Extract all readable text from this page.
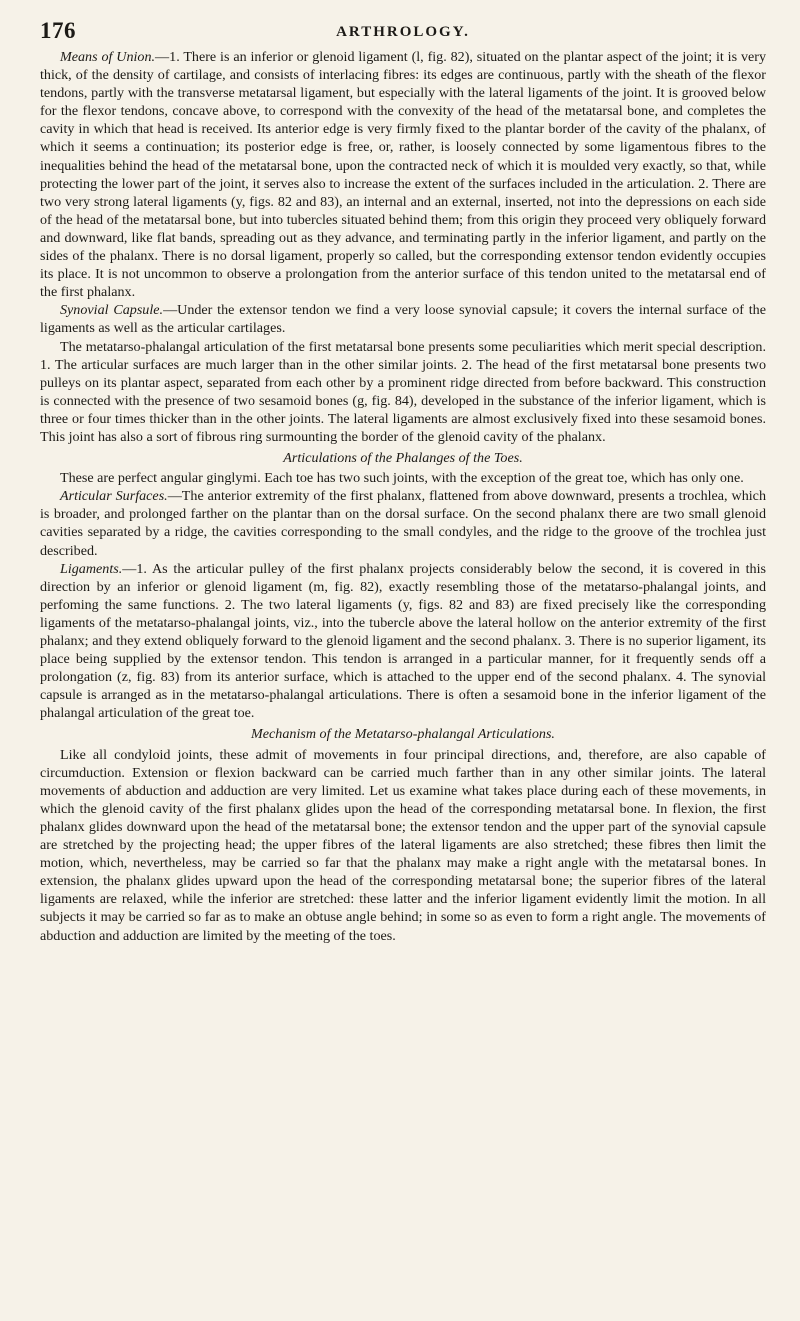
176	ARTHROLOGY.

Means of Union.—1. There is an inferior or glenoid ligament (l, fig. 82), situated on the plantar aspect of the joint; it is very thick, of the density of cartilage, and consists of interlacing fibres: its edges are continuous, partly with the sheath of the flexor tendons, partly with the transverse metatarsal ligament, but especially with the lateral ligaments of the joint. It is grooved below for the flexor tendons, concave above, to correspond with the convexity of the head of the metatarsal bone, and completes the cavity in which that head is received. Its anterior edge is very firmly fixed to the plantar border of the cavity of the phalanx, of which it seems a continuation; its posterior edge is free, or, rather, is loosely connected by some ligamentous fibres to the inequalities behind the head of the metatarsal bone, upon the contracted neck of which it is moulded very exactly, so that, while protecting the lower part of the joint, it serves also to increase the extent of the surfaces included in the articulation. 2. There are two very strong lateral ligaments (y, figs. 82 and 83), an internal and an external, inserted, not into the depressions on each side of the head of the metatarsal bone, but into tubercles situated behind them; from this origin they proceed very obliquely forward and downward, like flat bands, spreading out as they advance, and terminating partly in the inferior ligament, and partly on the sides of the phalanx. There is no dorsal ligament, properly so called, but the corresponding extensor tendon evidently occupies its place. It is not uncommon to observe a prolongation from the anterior surface of this tendon united to the metatarsal end of the first phalanx.

Synovial Capsule.—Under the extensor tendon we find a very loose synovial capsule; it covers the internal surface of the ligaments as well as the articular cartilages.

The metatarso-phalangal articulation of the first metatarsal bone presents some peculiarities which merit special description. 1. The articular surfaces are much larger than in the other similar joints. 2. The head of the first metatarsal bone presents two pulleys on its plantar aspect, separated from each other by a prominent ridge directed from before backward. This construction is connected with the presence of two sesamoid bones (g, fig. 84), developed in the substance of the inferior ligament, which is three or four times thicker than in the other joints. The lateral ligaments are almost exclusively fixed into these sesamoid bones. This joint has also a sort of fibrous ring surmounting the border of the glenoid cavity of the phalanx.

Articulations of the Phalanges of the Toes.

These are perfect angular ginglymi. Each toe has two such joints, with the exception of the great toe, which has only one.

Articular Surfaces.—The anterior extremity of the first phalanx, flattened from above downward, presents a trochlea, which is broader, and prolonged farther on the plantar than on the dorsal surface. On the second phalanx there are two small glenoid cavities separated by a ridge, the cavities corresponding to the small condyles, and the ridge to the groove of the trochlea just described.

Ligaments.—1. As the articular pulley of the first phalanx projects considerably below the second, it is covered in this direction by an inferior or glenoid ligament (m, fig. 82), exactly resembling those of the metatarso-phalangal joints, and perfoming the same functions. 2. The two lateral ligaments (y, figs. 82 and 83) are fixed precisely like the corresponding ligaments of the metatarso-phalangal joints, viz., into the tubercle above the lateral hollow on the anterior extremity of the first phalanx; and they extend obliquely forward to the glenoid ligament and the second phalanx. 3. There is no superior ligament, its place being supplied by the extensor tendon. This tendon is arranged in a particular manner, for it frequently sends off a prolongation (z, fig. 83) from its anterior surface, which is attached to the upper end of the second phalanx. 4. The synovial capsule is arranged as in the metatarso-phalangal articulations. There is often a sesamoid bone in the inferior ligament of the phalangal articulation of the great toe.

Mechanism of the Metatarso-phalangal Articulations.

Like all condyloid joints, these admit of movements in four principal directions, and, therefore, are also capable of circumduction. Extension or flexion backward can be carried much farther than in any other similar joints. The lateral movements of abduction and adduction are very limited. Let us examine what takes place during each of these movements, in which the glenoid cavity of the first phalanx glides upon the head of the corresponding metatarsal bone. In flexion, the first phalanx glides downward upon the head of the metatarsal bone; the extensor tendon and the upper part of the synovial capsule are stretched by the projecting head; the upper fibres of the lateral ligaments are also stretched; these fibres then limit the motion, which, nevertheless, may be carried so far that the phalanx may make a right angle with the metatarsal bones. In extension, the phalanx glides upward upon the head of the corresponding metatarsal bone; the superior fibres of the lateral ligaments are relaxed, while the inferior are stretched: these latter and the inferior ligament evidently limit the motion. In all subjects it may be carried so far as to make an obtuse angle behind; in some so as even to form a right angle. The movements of abduction and adduction are limited by the meeting of the toes.
